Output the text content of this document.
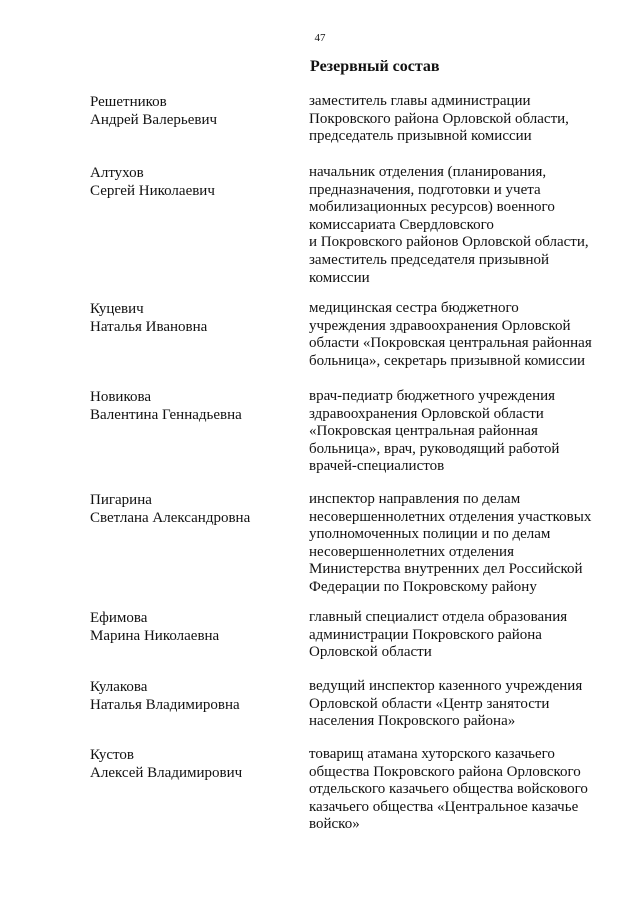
47
Резервный состав
Решетников
Андрей Валерьевич
заместитель главы администрации
Покровского района Орловской области,
председатель призывной комиссии
Алтухов
Сергей Николаевич
начальник отделения (планирования,
предназначения, подготовки и учета
мобилизационных ресурсов) военного
комиссариата Свердловского
и Покровского районов Орловской области,
заместитель председателя призывной
комиссии
Куцевич
Наталья Ивановна
медицинская сестра бюджетного
учреждения здравоохранения Орловской
области «Покровская центральная районная
больница», секретарь призывной комиссии
Новикова
Валентина Геннадьевна
врач-педиатр бюджетного учреждения
здравоохранения Орловской области
«Покровская центральная районная
больница», врач, руководящий работой
врачей-специалистов
Пигарина
Светлана Александровна
инспектор направления по делам
несовершеннолетних отделения участковых
уполномоченных полиции и по делам
несовершеннолетних отделения
Министерства внутренних дел Российской
Федерации по Покровскому району
Ефимова
Марина Николаевна
главный специалист отдела образования
администрации Покровского района
Орловской области
Кулакова
Наталья Владимировна
ведущий инспектор казенного учреждения
Орловской области «Центр занятости
населения Покровского района»
Кустов
Алексей Владимирович
товарищ атамана хуторского казачьего
общества Покровского района Орловского
отдельского казачьего общества войскового
казачьего общества «Центральное казачье
войско»
